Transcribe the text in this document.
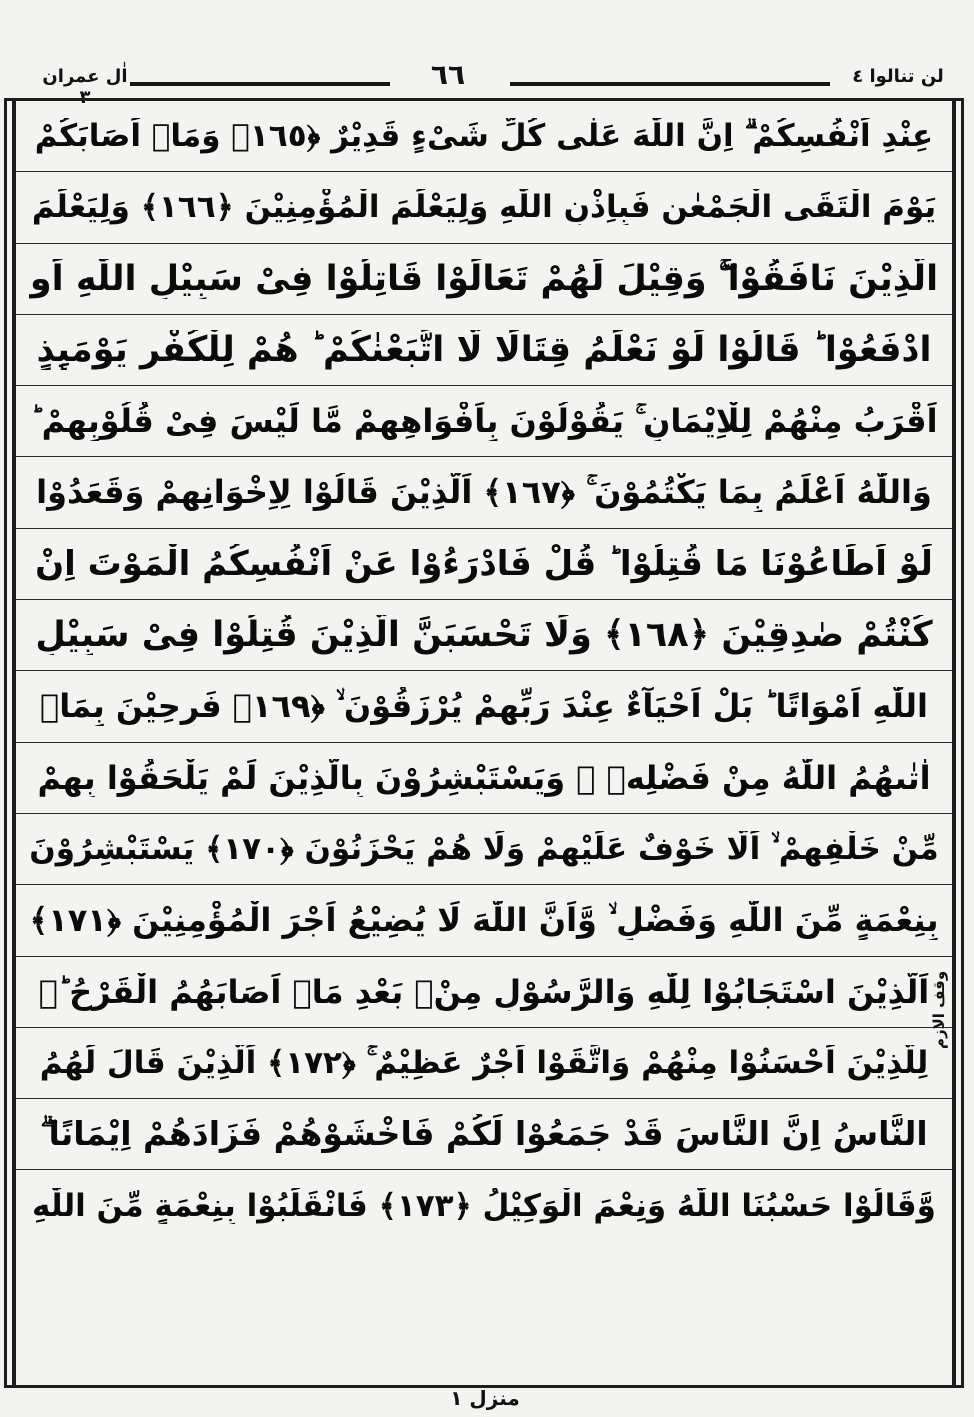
اٰل عمران ٣
٦٦	لن تنالوا ٤
عِنْدِ اَنْفُسِكُمْ ۗ اِنَّ اللّٰهَ عَلٰی كُلِّ شَیْءٍ قَدِیْرٌ ﴿١٦٥﴾ وَمَاۤ اَصَابَكُمْ
یَوْمَ الْتَقَی الْجَمْعٰنِ فَبِاِذْنِ اللّٰهِ وَلِیَعْلَمَ الْمُؤْمِنِیْنَ ﴿١٦٦﴾ وَلِیَعْلَمَ
الَّذِیْنَ نَافَقُوْا ۖۚ وَقِیْلَ لَهُمْ تَعَالَوْا قَاتِلُوْا فِیْ سَبِیْلِ اللّٰهِ اَوِ
ادْفَعُوْا ؕ قَالُوْا لَوْ نَعْلَمُ قِتَالًا لَّا اتَّبَعْنٰكُمْ ؕ هُمْ لِلْكُفْرِ یَوْمَىِٕذٍ
اَقْرَبُ مِنْهُمْ لِلْاِیْمَانِ ۚ یَقُوْلُوْنَ بِاَفْوَاهِهِمْ مَّا لَیْسَ فِیْ قُلُوْبِهِمْ ؕ
وَاللّٰهُ اَعْلَمُ بِمَا یَكْتُمُوْنَ ۚ ﴿١٦٧﴾ اَلَّذِیْنَ قَالُوْا لِاِخْوَانِهِمْ وَقَعَدُوْا
لَوْ اَطَاعُوْنَا مَا قُتِلُوْا ؕ قُلْ فَادْرَءُوْا عَنْ اَنْفُسِكُمُ الْمَوْتَ اِنْ
كُنْتُمْ صٰدِقِیْنَ ﴿١٦٨﴾ وَلَا تَحْسَبَنَّ الَّذِیْنَ قُتِلُوْا فِیْ سَبِیْلِ
اللّٰهِ اَمْوَاتًا ؕ بَلْ اَحْیَآءٌ عِنْدَ رَبِّهِمْ یُرْزَقُوْنَ ۙ ﴿١٦٩﴾ فَرِحِیْنَ بِمَاۤ
اٰتٰىهُمُ اللّٰهُ مِنْ فَضْلِهٖ ۙ وَیَسْتَبْشِرُوْنَ بِالَّذِیْنَ لَمْ یَلْحَقُوْا بِهِمْ
مِّنْ خَلْفِهِمْ ۙ اَلَّا خَوْفٌ عَلَیْهِمْ وَلَا هُمْ یَحْزَنُوْنَ ﴿١٧٠﴾ یَسْتَبْشِرُوْنَ
بِنِعْمَةٍ مِّنَ اللّٰهِ وَفَضْلٍ ۙ وَّاَنَّ اللّٰهَ لَا یُضِیْعُ اَجْرَ الْمُؤْمِنِیْنَ ﴿١٧١﴾
اَلَّذِیْنَ اسْتَجَابُوْا لِلّٰهِ وَالرَّسُوْلِ مِنْۢ بَعْدِ مَاۤ اَصَابَهُمُ الْقَرْحُ ؕۛ
لِلَّذِیْنَ اَحْسَنُوْا مِنْهُمْ وَاتَّقَوْا اَجْرٌ عَظِیْمٌ ۚ ﴿١٧٢﴾ اَلَّذِیْنَ قَالَ لَهُمُ
النَّاسُ اِنَّ النَّاسَ قَدْ جَمَعُوْا لَكُمْ فَاخْشَوْهُمْ فَزَادَهُمْ اِیْمَانًا ۖۗ
وَّقَالُوْا حَسْبُنَا اللّٰهُ وَنِعْمَ الْوَكِیْلُ ﴿١٧٣﴾ فَانْقَلَبُوْا بِنِعْمَةٍ مِّنَ اللّٰهِ
وقف الازم
منزل ١
